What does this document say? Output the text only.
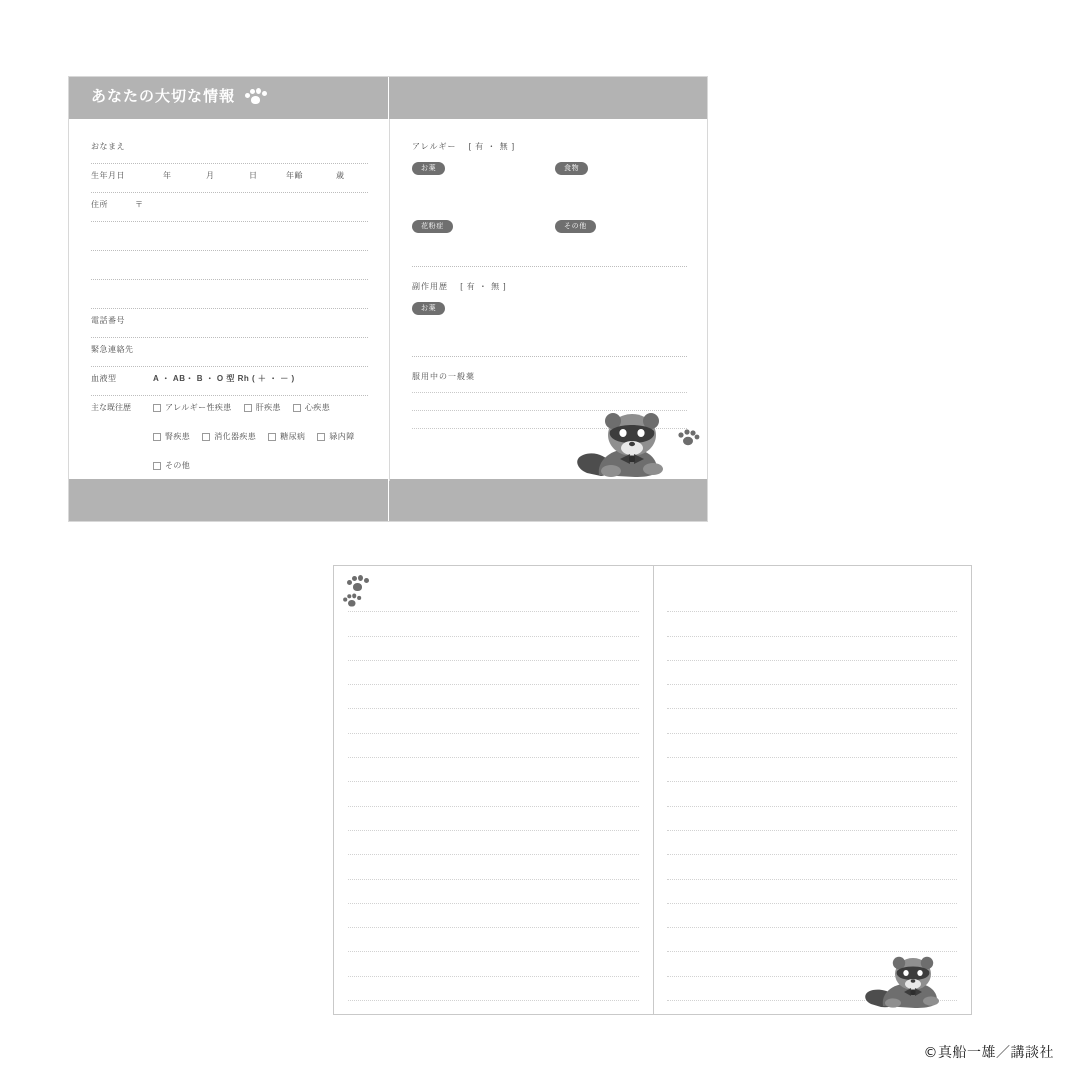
あなたの大切な情報
おなまえ
生年月日	年	月	日	年齢	歳
住所	〒
電話番号
緊急連絡先
血液型	A ・ AB・ B ・ O 型 Rh ( ＋ ・ － )
主な既往歴	アレルギー性疾患	肝疾患	心疾患
腎疾患	消化器疾患	糖尿病	緑内障
その他
アレルギー　 [ 有 ・ 無 ]
お薬	食物
花粉症	その他
副作用歴　 [ 有 ・ 無 ]
お薬
服用中の一般薬
©真船一雄／講談社
